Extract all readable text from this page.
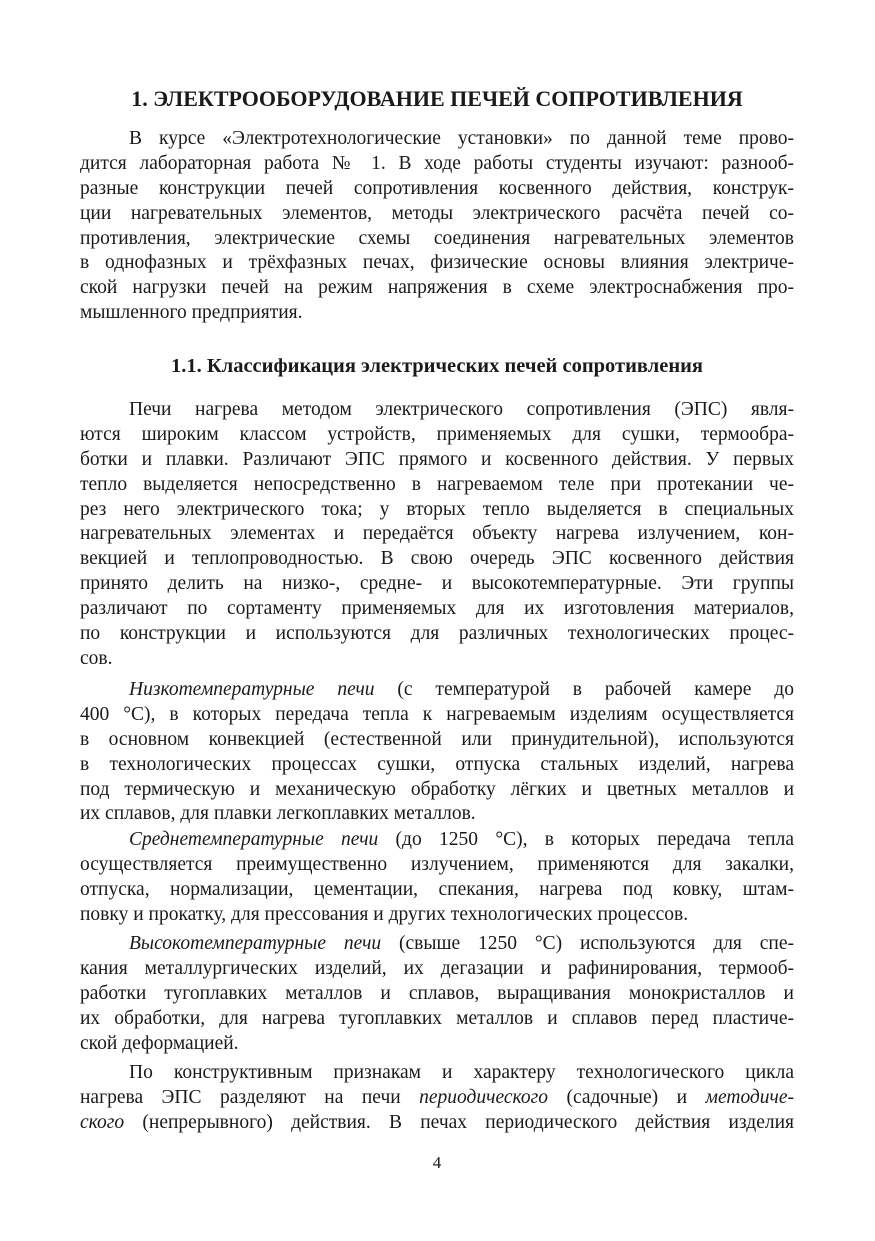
1. ЭЛЕКТРООБОРУДОВАНИЕ ПЕЧЕЙ СОПРОТИВЛЕНИЯ
В курсе «Электротехнологические установки» по данной теме прово-
дится лабораторная работа № 1. В ходе работы студенты изучают: разнооб-
разные конструкции печей сопротивления косвенного действия, конструк-
ции нагревательных элементов, методы электрического расчёта печей со-
противления, электрические схемы соединения нагревательных элементов
в однофазных и трёхфазных печах, физические основы влияния электриче-
ской нагрузки печей на режим напряжения в схеме электроснабжения про-
мышленного предприятия.
1.1. Классификация электрических печей сопротивления
Печи нагрева методом электрического сопротивления (ЭПС) явля-
ются широким классом устройств, применяемых для сушки, термообра-
ботки и плавки. Различают ЭПС прямого и косвенного действия. У первых
тепло выделяется непосредственно в нагреваемом теле при протекании че-
рез него электрического тока; у вторых тепло выделяется в специальных
нагревательных элементах и передаётся объекту нагрева излучением, кон-
векцией и теплопроводностью. В свою очередь ЭПС косвенного действия
принято делить на низко-, средне- и высокотемпературные. Эти группы
различают по сортаменту применяемых для их изготовления материалов,
по конструкции и используются для различных технологических процес-
сов.
Низкотемпературные печи (с температурой в рабочей камере до
400 °С), в которых передача тепла к нагреваемым изделиям осуществляется
в основном конвекцией (естественной или принудительной), используются
в технологических процессах сушки, отпуска стальных изделий, нагрева
под термическую и механическую обработку лёгких и цветных металлов и
их сплавов, для плавки легкоплавких металлов.
Среднетемпературные печи (до 1250 °С), в которых передача тепла
осуществляется преимущественно излучением, применяются для закалки,
отпуска, нормализации, цементации, спекания, нагрева под ковку, штам-
повку и прокатку, для прессования и других технологических процессов.
Высокотемпературные печи (свыше 1250 °С) используются для спе-
кания металлургических изделий, их дегазации и рафинирования, термооб-
работки тугоплавких металлов и сплавов, выращивания монокристаллов и
их обработки, для нагрева тугоплавких металлов и сплавов перед пластиче-
ской деформацией.
По конструктивным признакам и характеру технологического цикла
нагрева ЭПС разделяют на печи периодического (садочные) и методиче-
ского (непрерывного) действия. В печах периодического действия изделия
4
